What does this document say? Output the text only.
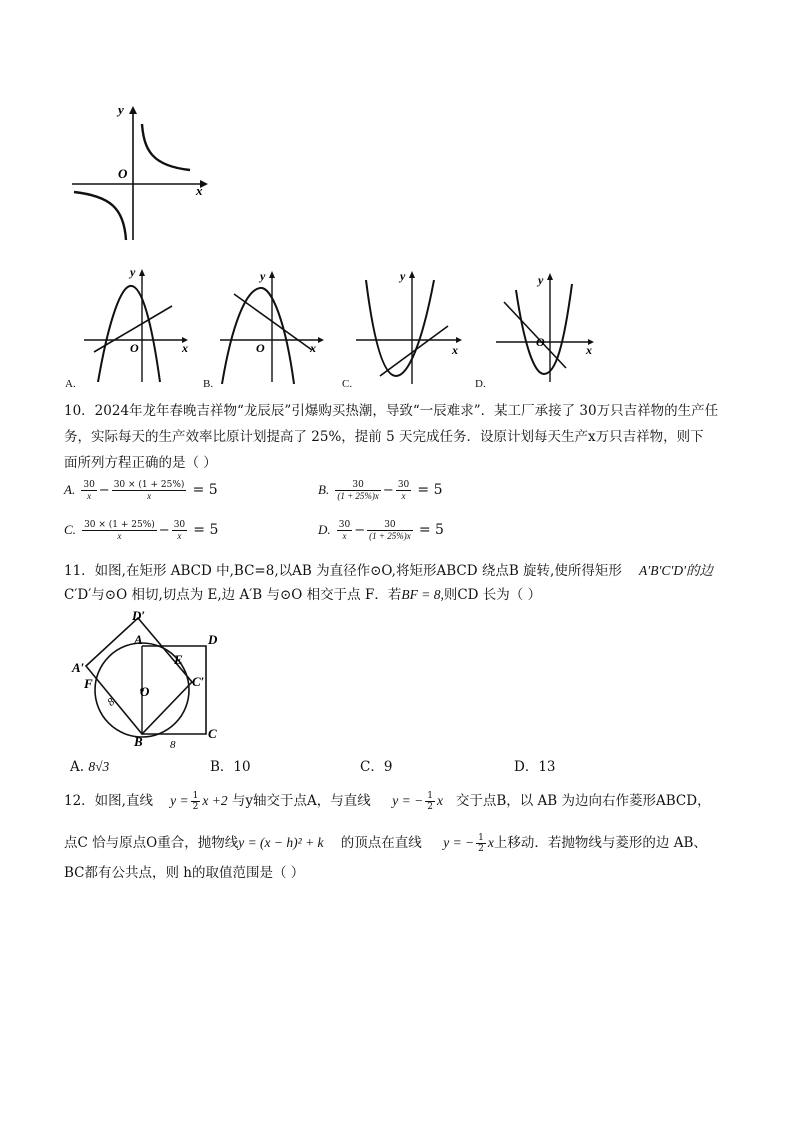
y
O
x
y
O	x
A.
y
O	x
B.
y
x
C.
y
O
x
D.
10．2024年龙年春晚吉祥物“龙辰辰”引爆购买热潮，导致“一辰难求”．某工厂承接了 30万只吉祥物的生产任
务，实际每天的生产效率比原计划提高了 25%，提前 5 天完成任务．设原计划每天生产x万只吉祥物，则下
面所列方程正确的是（ ）
A. $\frac{30}{x} - \frac{30 \times (1 + 25\%)}{x} = 5$	B. $\frac{30}{(1 + 25\%)x} - \frac{30}{x} = 5$
C. $\frac{30 \times (1 + 25\%)}{x} - \frac{30}{x} = 5$	D. $\frac{30}{x} - \frac{30}{(1 + 25\%)x} = 5$
11．如图,在矩形 ABCD 中,BC=8,以AB 为直径作⊙O,将矩形ABCD 绕点B 旋转,使所得矩形 A′B′C′D′的边
C′D′与⊙O 相切,切点为 E,边 A′B 与⊙O 相交于点 F．若BF = 8,则CD 长为（ ）
D′
A	D
A′
E
F
O
C′
B
C
8
8
A. 8√3	B．10	C．9	D．13
12．如图,直线 $y = \frac{1}{2}$ x +2 与y轴交于点A，与直线 y = − $\frac{1}{2}$ x 交于点B，以 AB 为边向右作菱形ABCD，
点C 恰与原点O重合，抛物线y = (x − h)² + k 的顶点在直线 y = − $\frac{1}{2}$ x上移动．若抛物线与菱形的边 AB、
BC都有公共点，则 h的取值范围是（ ）
